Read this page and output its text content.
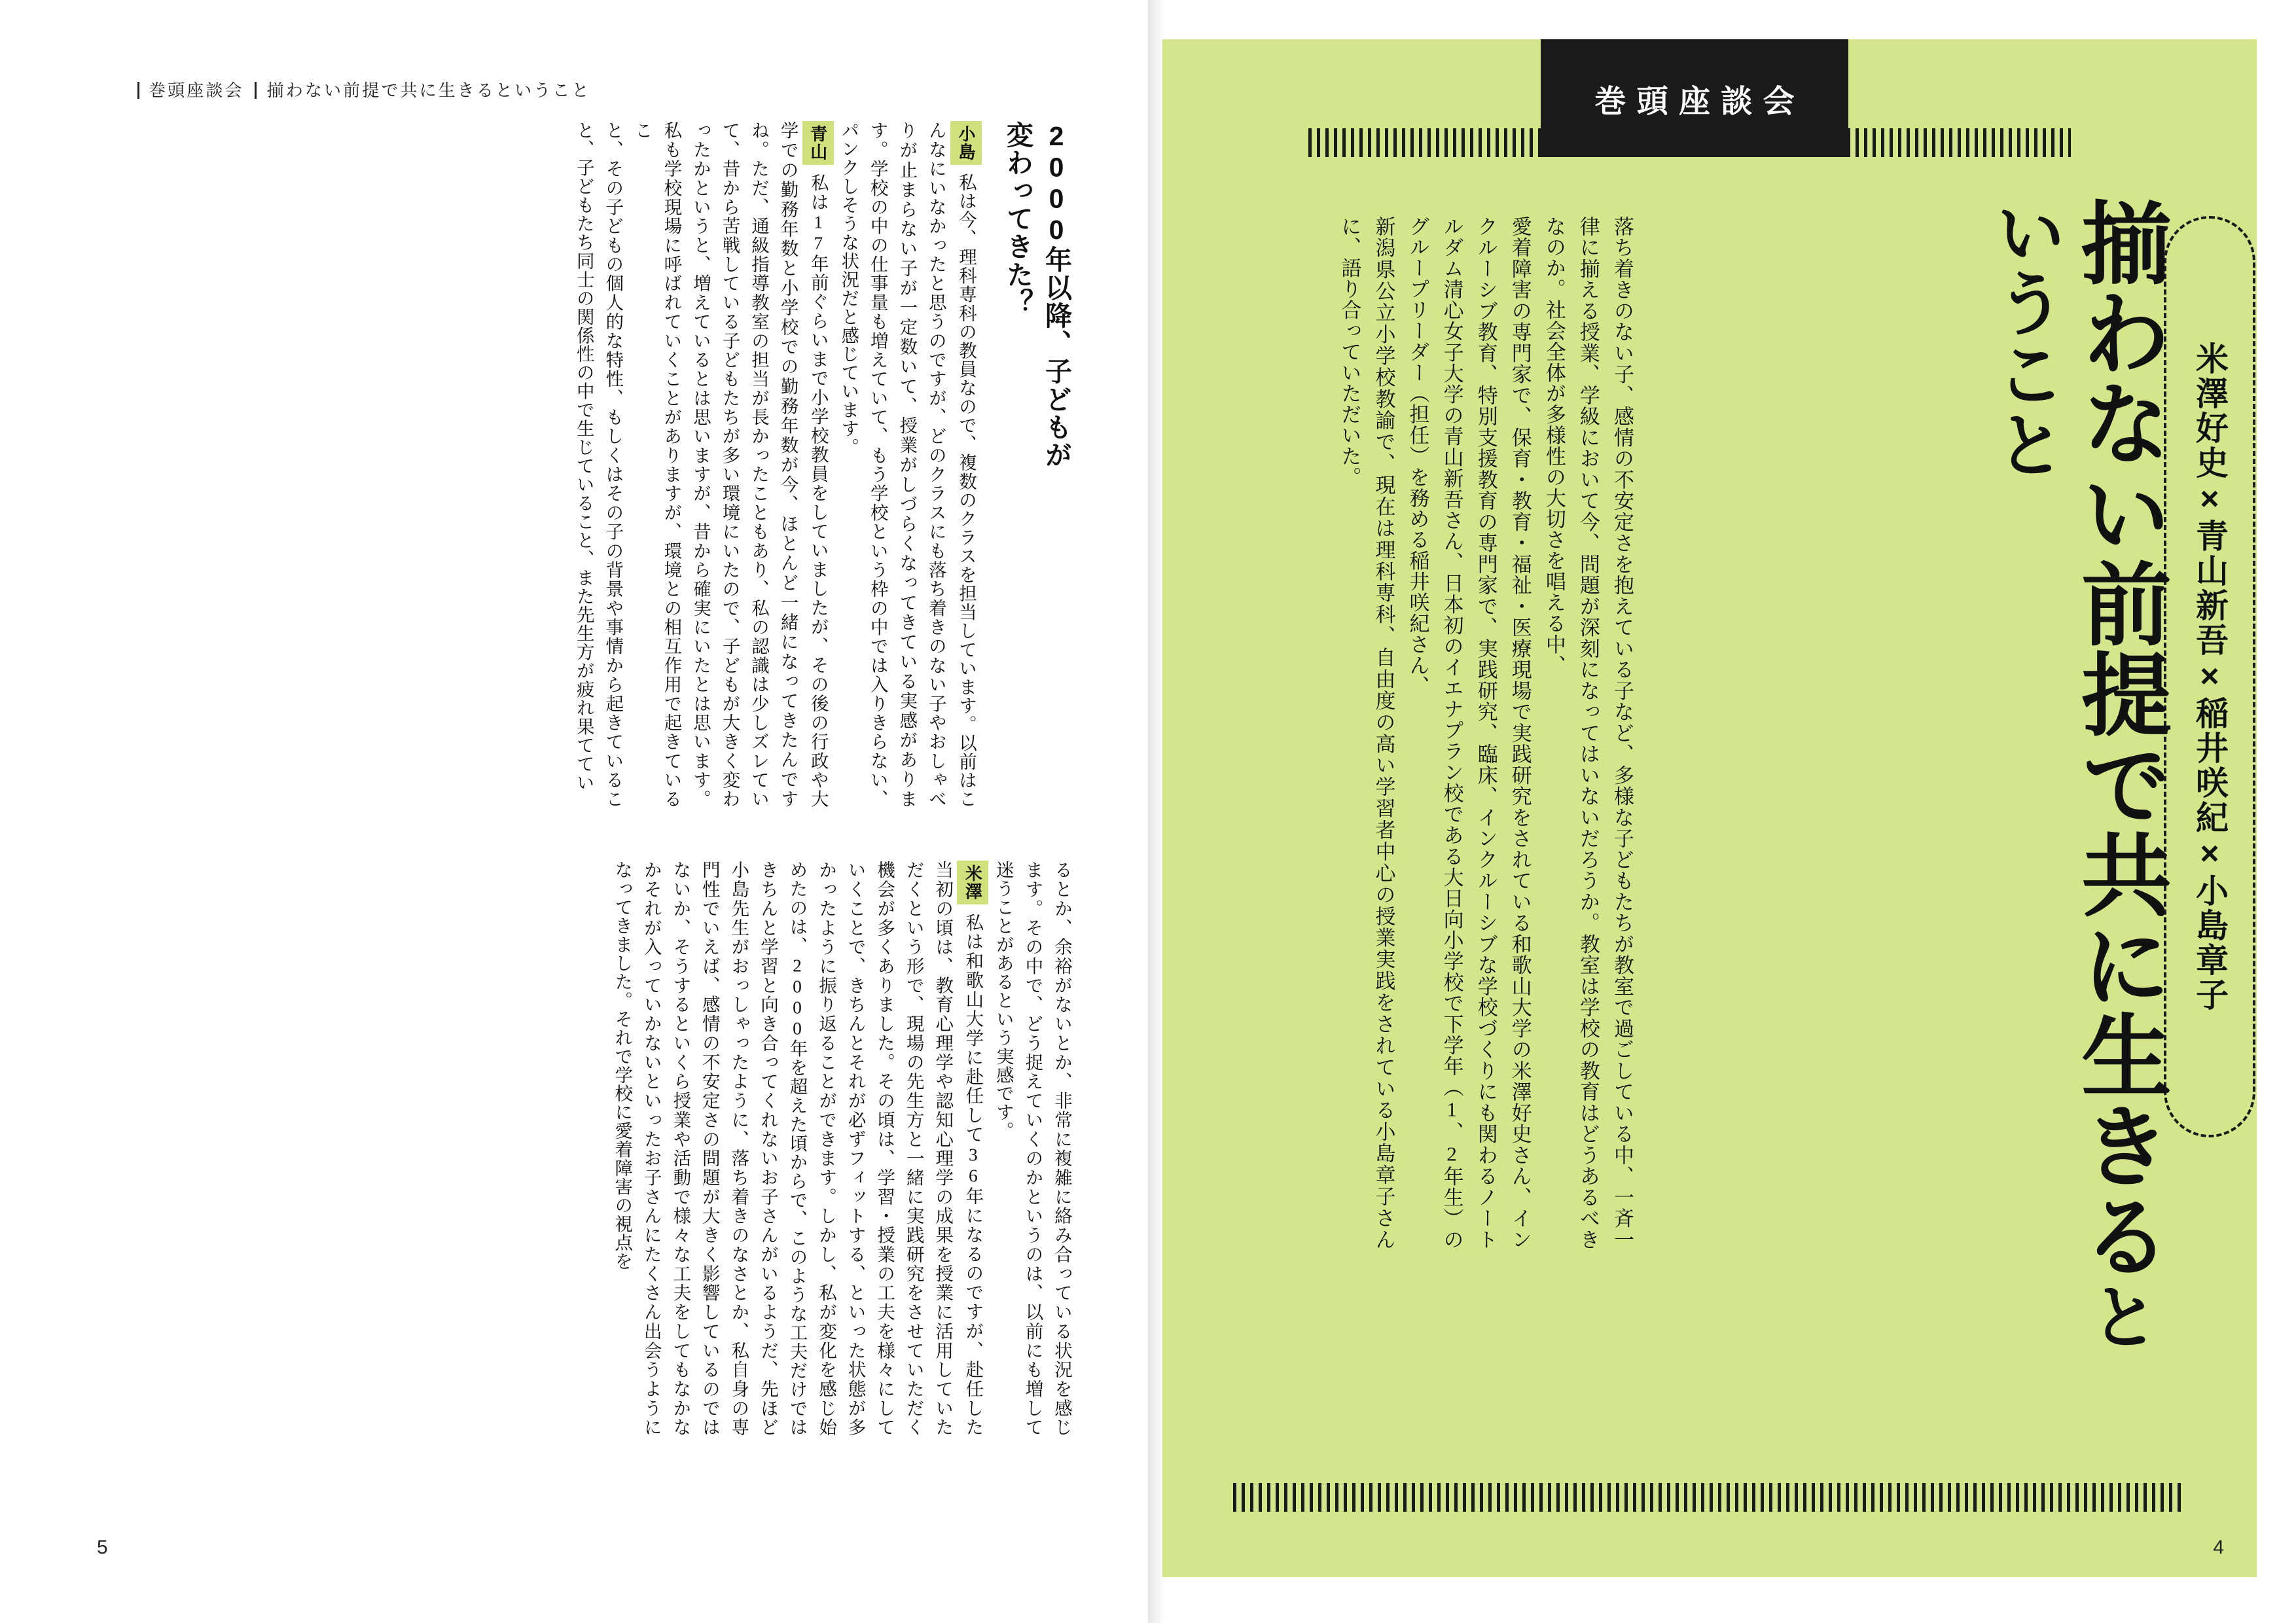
巻頭座談会 揃わない前提で共に生きるということ
2000年以降、子どもが変わってきた？
小島私は今、理科専科の教員なので、複数のクラスを担当しています。以前はこんなにいなかったと思うのですが、どのクラスにも落ち着きのない子やおしゃべりが止まらない子が一定数いて、授業がしづらくなってきている実感があります。学校の中の仕事量も増えていて、もう学校という枠の中では入りきらない、パンクしそうな状況だと感じています。
青山私は17年前ぐらいまで小学校教員をしていましたが、その後の行政や大学での勤務年数と小学校での勤務年数が今、ほとんど一緒になってきたんですね。ただ、通級指導教室の担当が長かったこともあり、私の認識は少しズレていて、昔から苦戦している子どもたちが多い環境にいたので、子どもが大きく変わったかというと、増えているとは思いますが、昔から確実にいたとは思います。私も学校現場に呼ばれていくことがありますが、環境との相互作用で起きているこ
と、その子どもの個人的な特性、もしくはその子の背景や事情から起きていること、子どもたち同士の関係性の中で生じていること、また先生方が疲れ果ててい
るとか、余裕がないとか、非常に複雑に絡み合っている状況を感じます。その中で、どう捉えていくのかというのは、以前にも増して迷うことがあるという実感です。
米澤私は和歌山大学に赴任して36年になるのですが、赴任した当初の頃は、教育心理学や認知心理学の成果を授業に活用していただくという形で、現場の先生方と一緒に実践研究をさせていただく機会が多くありました。その頃は、学習・授業の工夫を様々にしていくことで、きちんとそれが必ずフィットする、といった状態が多かったように振り返ることができます。しかし、私が変化を感じ始めたのは、2000年を超えた頃からで、このような工夫だけではきちんと学習と向き合ってくれないお子さんがいるようだ、先ほど小島先生がおっしゃったように、落ち着きのなさとか、私自身の専門性でいえば、感情の不安定さの問題が大きく影響しているのではないか、そうするといくら授業や活動で様々な工夫をしてもなかなかそれが入っていかないといったお子さんにたくさん出会うようになってきました。それで学校に愛着障害の視点を
5
巻頭座談会
米澤好史×青山新吾×稲井咲紀×小島章子
揃わない前提で共に生きるということ
落ち着きのない子、感情の不安定さを抱えている子など、多様な子どもたちが教室で過ごしている中、一斉一律に揃える授業、学級において今、問題が深刻になってはいないだろうか。教室は学校の教育はどうあるべきなのか。社会全体が多様性の大切さを唱える中、
愛着障害の専門家で、保育・教育・福祉・医療現場で実践研究をされている和歌山大学の米澤好史さん、インクルーシブ教育、特別支援教育の専門家で、実践研究、臨床、インクルーシブな学校づくりにも関わるノートルダム清心女子大学の青山新吾さん、日本初のイエナプラン校である大日向小学校で下学年（1、2年生）のグループリーダー（担任）を務める稲井咲紀さん、
新潟県公立小学校教諭で、現在は理科専科、自由度の高い学習者中心の授業実践をされている小島章子さんに、語り合っていただいた。
4
